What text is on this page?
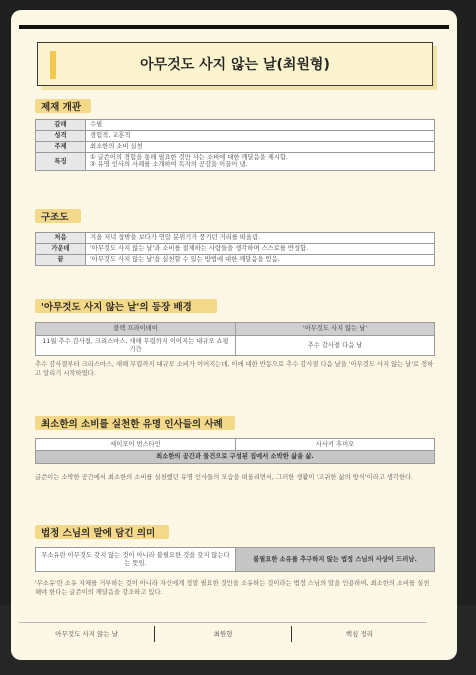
아무것도 사지 않는 날(최원형)
제재 개관
갈래	수필
성격	경험적, 교훈적
주제	최소한의 소비 실천
특징	① 글쓴이의 경험을 통해 필요한 것만 사는 소비에 대한 깨달음을 제시함.
② 유명 인사의 사례를 소개하여 독자의 공감을 이끌어 냄.
구조도
처음	겨울 저녁 창밖을 보다가 연말 분위기가 풍기던 거리를 떠올림.
가운데	'아무것도 사지 않는 날'과 소비를 절제하는 사람들을 생각하며 스스로를 반성함.
끝	'아무것도 사지 않는 날'을 실천할 수 있는 방법에 대한 깨달음을 얻음.
'아무것도 사지 않는 날'의 등장 배경
블랙 프라이데이	'아무것도 사지 않는 날'
11월 추수 감사절, 크리스마스, 새해 무렵까지 이어지는 대규모 쇼핑 기간	추수 감사절 다음 날
추수 감사절부터 크리스마스, 새해 무렵까지 대규모 소비가 이어지는데, 이에 대한 반동으로 추수 감사절 다음 날을 '아무것도 사지 않는 날'로 정하고 알리기 시작하였다.
최소한의 소비를 실천한 유명 인사들의 사례
세이모어 번스타인	사사키 후미오
최소한의 공간과 물건으로 구성된 집에서 소박한 삶을 삶.
글쓴이는 소박한 공간에서 최소한의 소비를 실천했던 유명 인사들의 모습을 떠올리면서, 그러한 생활이 '고귀한 삶의 방식'이라고 생각한다.
법정 스님의 말에 담긴 의미
무소유란 아무것도 갖지 않는 것이 아니라 불필요한 것을 갖지 않는다는 뜻임.	불필요한 소유를 추구하지 않는 법정 스님의 사상이 드러남.
'무소유'란 소유 자체를 거부하는 것이 아니라 자신에게 정말 필요한 것만을 소유하는 것이라는 법정 스님의 말을 인용하여, 최소한의 소비를 실천해야 한다는 글쓴이의 깨달음을 강조하고 있다.
아무것도 사지 않는 날	최원형	핵심 정리
